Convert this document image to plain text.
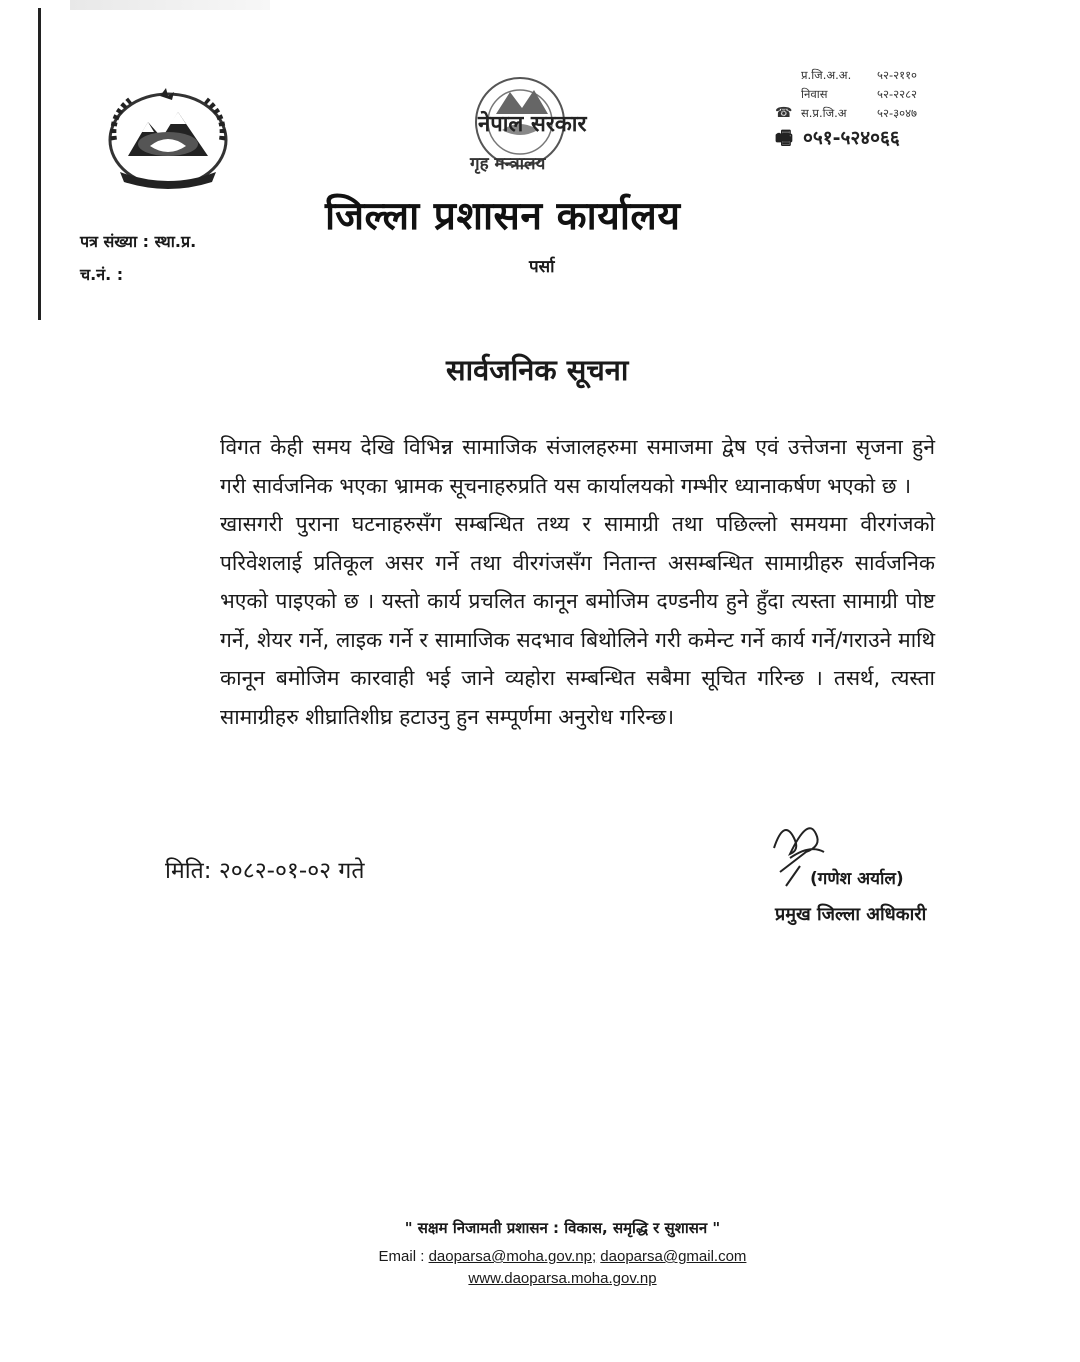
प्र.जि.अ.अ.	५२-२११०
निवास	५२-२२८२
☎ स.प्र.जि.अ	५२-३०४७
🖷 ०५१-५२४०६६
नेपाल सरकार
गृह मन्त्रालय
जिल्ला प्रशासन कार्यालय
पर्सा
पत्र संख्या : स्था.प्र.
च.नं. :
सार्वजनिक सूचना

विगत केही समय देखि विभिन्न सामाजिक संजालहरुमा समाजमा द्वेष एवं उत्तेजना सृजना हुने गरी सार्वजनिक भएका भ्रामक सूचनाहरुप्रति यस कार्यालयको गम्भीर ध्यानाकर्षण भएको छ ।

खासगरी पुराना घटनाहरुसँग सम्बन्धित तथ्य र सामाग्री तथा पछिल्लो समयमा वीरगंजको परिवेशलाई प्रतिकूल असर गर्ने तथा वीरगंजसँग नितान्त असम्बन्धित सामाग्रीहरु सार्वजनिक भएको पाइएको छ । यस्तो कार्य प्रचलित कानून बमोजिम दण्डनीय हुने हुँदा त्यस्ता सामाग्री पोष्ट गर्ने, शेयर गर्ने, लाइक गर्ने र सामाजिक सदभाव बिथोलिने गरी कमेन्ट गर्ने कार्य गर्ने/गराउने माथि कानून बमोजिम कारवाही भई जाने व्यहोरा सम्बन्धित सबैमा सूचित गरिन्छ । तसर्थ, त्यस्ता सामाग्रीहरु शीघ्रातिशीघ्र हटाउनु हुन सम्पूर्णमा अनुरोध गरिन्छ।

मिति: २०८२-०१-०२ गते	(गणेश अर्याल)
प्रमुख जिल्ला अधिकारी
" सक्षम निजामती प्रशासन : विकास, समृद्धि र सुशासन "
Email : daoparsa@moha.gov.np; daoparsa@gmail.com
www.daoparsa.moha.gov.np
